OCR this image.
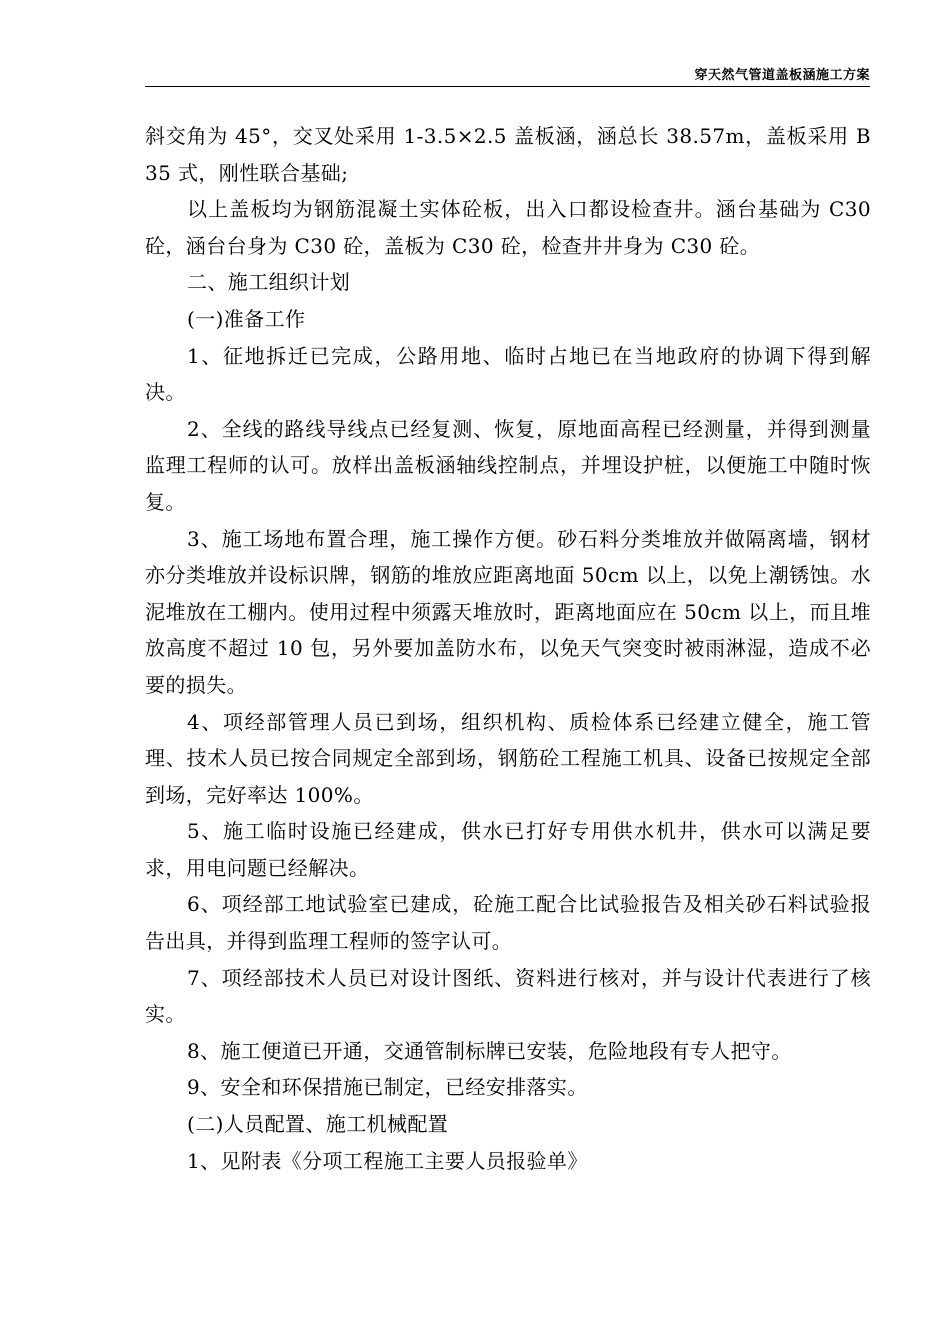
穿天然气管道盖板涵施工方案

斜交角为 45°，交叉处采用 1-3.5×2.5 盖板涵，涵总长 38.57m，盖板采用 B35 式，刚性联合基础;

以上盖板均为钢筋混凝土实体砼板，出入口都设检查井。涵台基础为 C30 砼，涵台台身为 C30 砼，盖板为 C30 砼，检查井井身为 C30 砼。

二、施工组织计划

(一)准备工作

1、征地拆迁已完成，公路用地、临时占地已在当地政府的协调下得到解决。

2、全线的路线导线点已经复测、恢复，原地面高程已经测量，并得到测量监理工程师的认可。放样出盖板涵轴线控制点，并埋设护桩，以便施工中随时恢复。

3、施工场地布置合理，施工操作方便。砂石料分类堆放并做隔离墙，钢材亦分类堆放并设标识牌，钢筋的堆放应距离地面 50cm 以上，以免上潮锈蚀。水泥堆放在工棚内。使用过程中须露天堆放时，距离地面应在 50cm 以上，而且堆放高度不超过 10 包，另外要加盖防水布，以免天气突变时被雨淋湿，造成不必要的损失。

4、项经部管理人员已到场，组织机构、质检体系已经建立健全，施工管理、技术人员已按合同规定全部到场，钢筋砼工程施工机具、设备已按规定全部到场，完好率达 100%。

5、施工临时设施已经建成，供水已打好专用供水机井，供水可以满足要求，用电问题已经解决。

6、项经部工地试验室已建成，砼施工配合比试验报告及相关砂石料试验报告出具，并得到监理工程师的签字认可。

7、项经部技术人员已对设计图纸、资料进行核对，并与设计代表进行了核实。

8、施工便道已开通，交通管制标牌已安装，危险地段有专人把守。

9、安全和环保措施已制定，已经安排落实。

(二)人员配置、施工机械配置

1、见附表《分项工程施工主要人员报验单》
